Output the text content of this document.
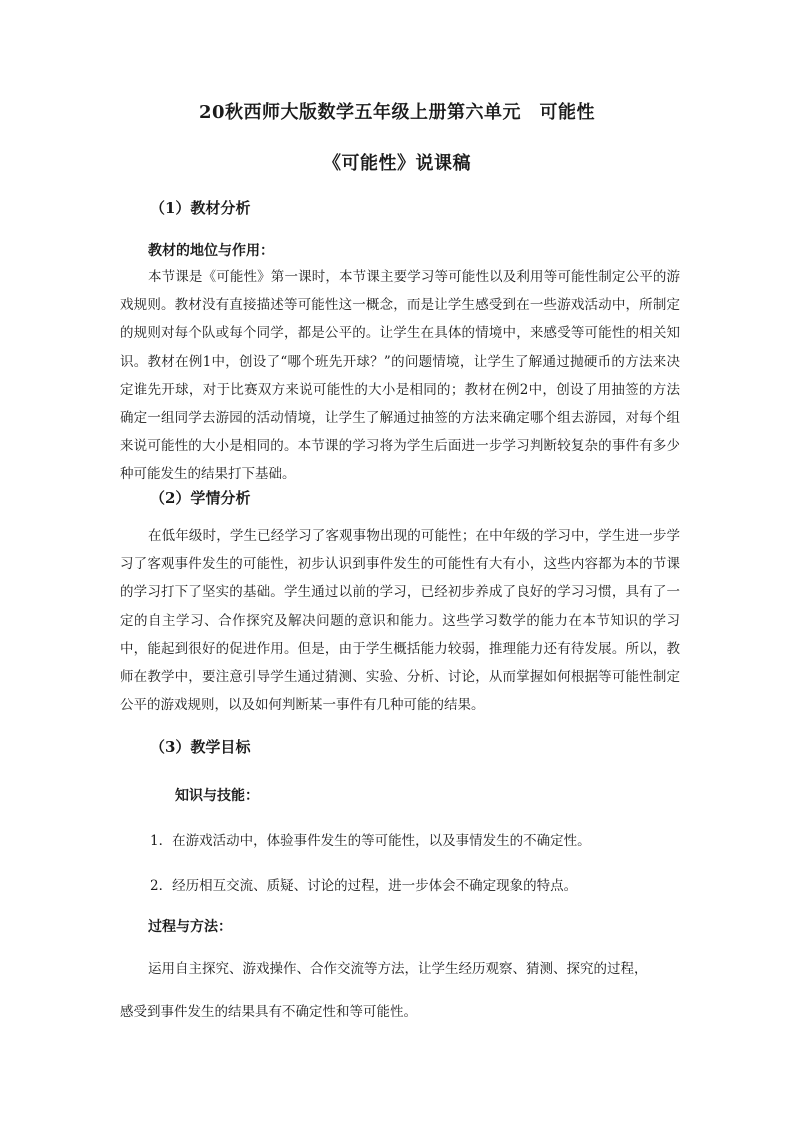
20秋西师大版数学五年级上册第六单元　可能性
《可能性》说课稿
（1）教材分析
教材的地位与作用：
本节课是《可能性》第一课时，本节课主要学习等可能性以及利用等可能性制定公平的游戏规则。教材没有直接描述等可能性这一概念，而是让学生感受到在一些游戏活动中，所制定的规则对每个队或每个同学，都是公平的。让学生在具体的情境中，来感受等可能性的相关知识。教材在例1中，创设了“哪个班先开球？”的问题情境，让学生了解通过抛硬币的方法来决定谁先开球，对于比赛双方来说可能性的大小是相同的；教材在例2中，创设了用抽签的方法确定一组同学去游园的活动情境，让学生了解通过抽签的方法来确定哪个组去游园，对每个组来说可能性的大小是相同的。本节课的学习将为学生后面进一步学习判断较复杂的事件有多少种可能发生的结果打下基础。
（2）学情分析
在低年级时，学生已经学习了客观事物出现的可能性；在中年级的学习中，学生进一步学习了客观事件发生的可能性，初步认识到事件发生的可能性有大有小，这些内容都为本的节课的学习打下了坚实的基础。学生通过以前的学习，已经初步养成了良好的学习习惯，具有了一定的自主学习、合作探究及解决问题的意识和能力。这些学习数学的能力在本节知识的学习中，能起到很好的促进作用。但是，由于学生概括能力较弱，推理能力还有待发展。所以，教师在教学中，要注意引导学生通过猜测、实验、分析、讨论，从而掌握如何根据等可能性制定公平的游戏规则，以及如何判断某一事件有几种可能的结果。
（3）教学目标
知识与技能：
1．在游戏活动中，体验事件发生的等可能性，以及事情发生的不确定性。
2．经历相互交流、质疑、讨论的过程，进一步体会不确定现象的特点。
过程与方法：
运用自主探究、游戏操作、合作交流等方法，让学生经历观察、猜测、探究的过程，
感受到事件发生的结果具有不确定性和等可能性。
